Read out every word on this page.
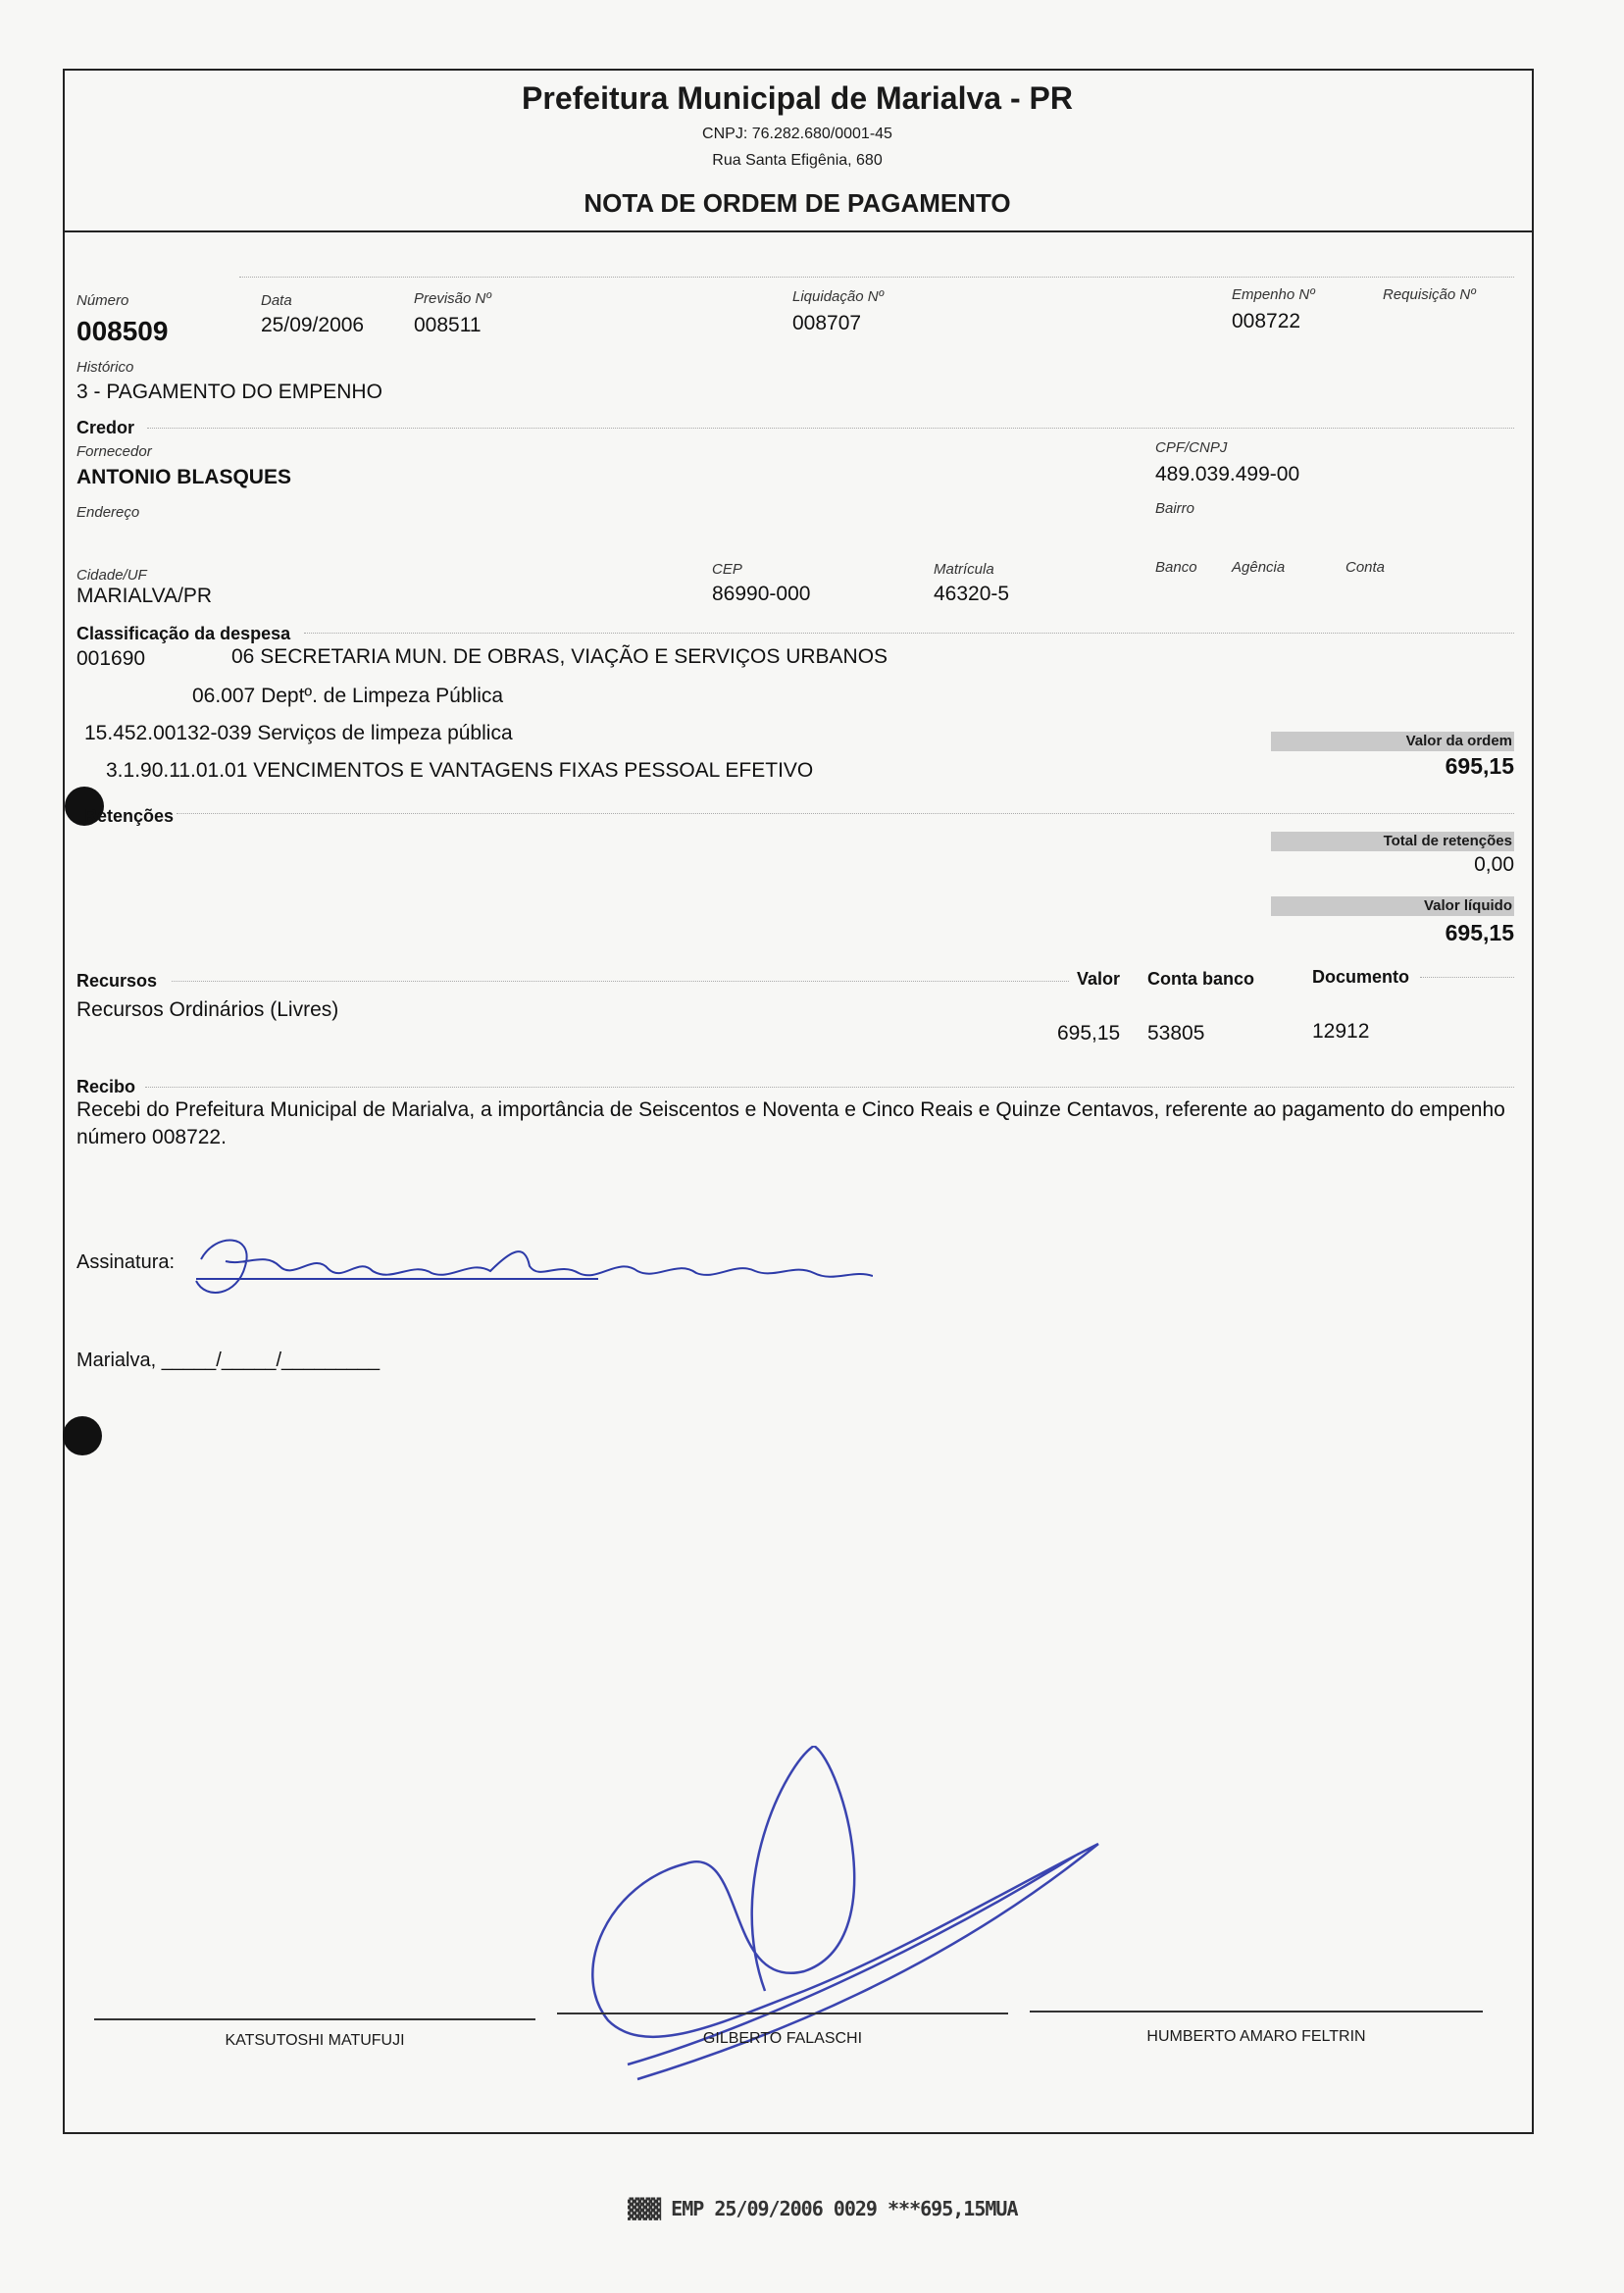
Prefeitura Municipal de Marialva - PR
CNPJ: 76.282.680/0001-45
Rua Santa Efigênia, 680
NOTA DE ORDEM DE PAGAMENTO
Número
008509
Data
25/09/2006
Previsão Nº
008511
Liquidação Nº
008707
Empenho Nº
008722
Requisição Nº
Histórico
3 - PAGAMENTO DO EMPENHO
Credor
Fornecedor
ANTONIO BLASQUES
CPF/CNPJ
489.039.499-00
Endereço	Bairro
Cidade/UF
MARIALVA/PR
CEP
86990-000
Matrícula
46320-5
Banco Agência	Conta
Classificação da despesa
001690	06 SECRETARIA MUN. DE OBRAS, VIAÇÃO E SERVIÇOS URBANOS
06.007 Deptº. de Limpeza Pública
15.452.00132-039 Serviços de limpeza pública
3.1.90.11.01.01 VENCIMENTOS E VANTAGENS FIXAS PESSOAL EFETIVO
Valor da ordem
695,15
Retenções
Total de retenções
0,00
Valor líquido
695,15
Recursos	Valor Conta banco	Documento
Recursos Ordinários (Livres)
695,15 53805	12912
Recibo
Recebi do Prefeitura Municipal de Marialva, a importância de Seiscentos e Noventa e Cinco Reais e Quinze Centavos, referente ao pagamento do empenho número 008722.
Assinatura:
Marialva, _____/_____/_________
KATSUTOSHI MATUFUJI	GILBERTO FALASCHI	HUMBERTO AMARO FELTRIN
▓▓▓ EMP 25/09/2006 0029 ***695,15MUA
